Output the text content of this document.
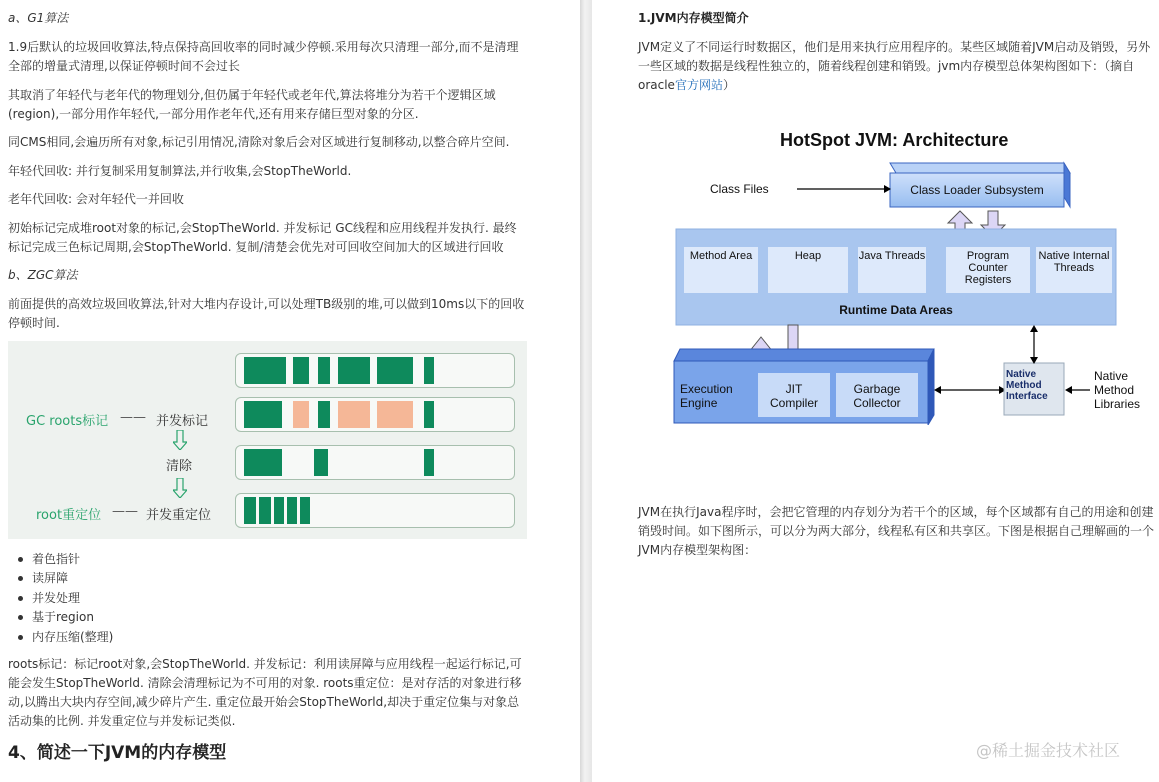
a、G1算法
1.9后默认的垃圾回收算法,特点保持高回收率的同时减少停顿.采用每次只清理一部分,而不是清理全部的增量式清理,以保证停顿时间不会过长
其取消了年轻代与老年代的物理划分,但仍属于年轻代或老年代,算法将堆分为若干个逻辑区域(region),一部分用作年轻代,一部分用作老年代,还有用来存储巨型对象的分区.
同CMS相同,会遍历所有对象,标记引用情况,清除对象后会对区域进行复制移动,以整合碎片空间.
年轻代回收: 并行复制采用复制算法,并行收集,会StopTheWorld.
老年代回收: 会对年轻代一并回收
初始标记完成堆root对象的标记,会StopTheWorld. 并发标记 GC线程和应用线程并发执行. 最终标记完成三色标记周期,会StopTheWorld. 复制/清楚会优先对可回收空间加大的区域进行回收
b、ZGC算法
前面提供的高效垃圾回收算法,针对大堆内存设计,可以处理TB级别的堆,可以做到10ms以下的回收停顿时间.
GC roots标记 —— 并发标记
清除
root重定位 —— 并发重定位
着色指针
读屏障
并发处理
基于region
内存压缩(整理)
roots标记：标记root对象,会StopTheWorld. 并发标记：利用读屏障与应用线程一起运行标记,可能会发生StopTheWorld. 清除会清理标记为不可用的对象. roots重定位：是对存活的对象进行移动,以腾出大块内存空间,减少碎片产生. 重定位最开始会StopTheWorld,却决于重定位集与对象总活动集的比例. 并发重定位与并发标记类似.
4、简述一下JVM的内存模型
1.JVM内存模型简介
JVM定义了不同运行时数据区，他们是用来执行应用程序的。某些区域随着JVM启动及销毁，另外一些区域的数据是线程性独立的，随着线程创建和销毁。jvm内存模型总体架构图如下：（摘自oracle官方网站）
JVM在执行Java程序时，会把它管理的内存划分为若干个的区域，每个区域都有自己的用途和创建销毁时间。如下图所示，可以分为两大部分，线程私有区和共享区。下图是根据自己理解画的一个JVM内存模型架构图：
HotSpot JVM: Architecture
Class Files	Class Loader Subsystem
Method Area	Heap	Java Threads	Program Counter Registers
Native Internal Threads
Runtime Data Areas
Execution Engine
JIT Compiler
Garbage Collector
Native Method Interface
Native Method Libraries
@稀土掘金技术社区
